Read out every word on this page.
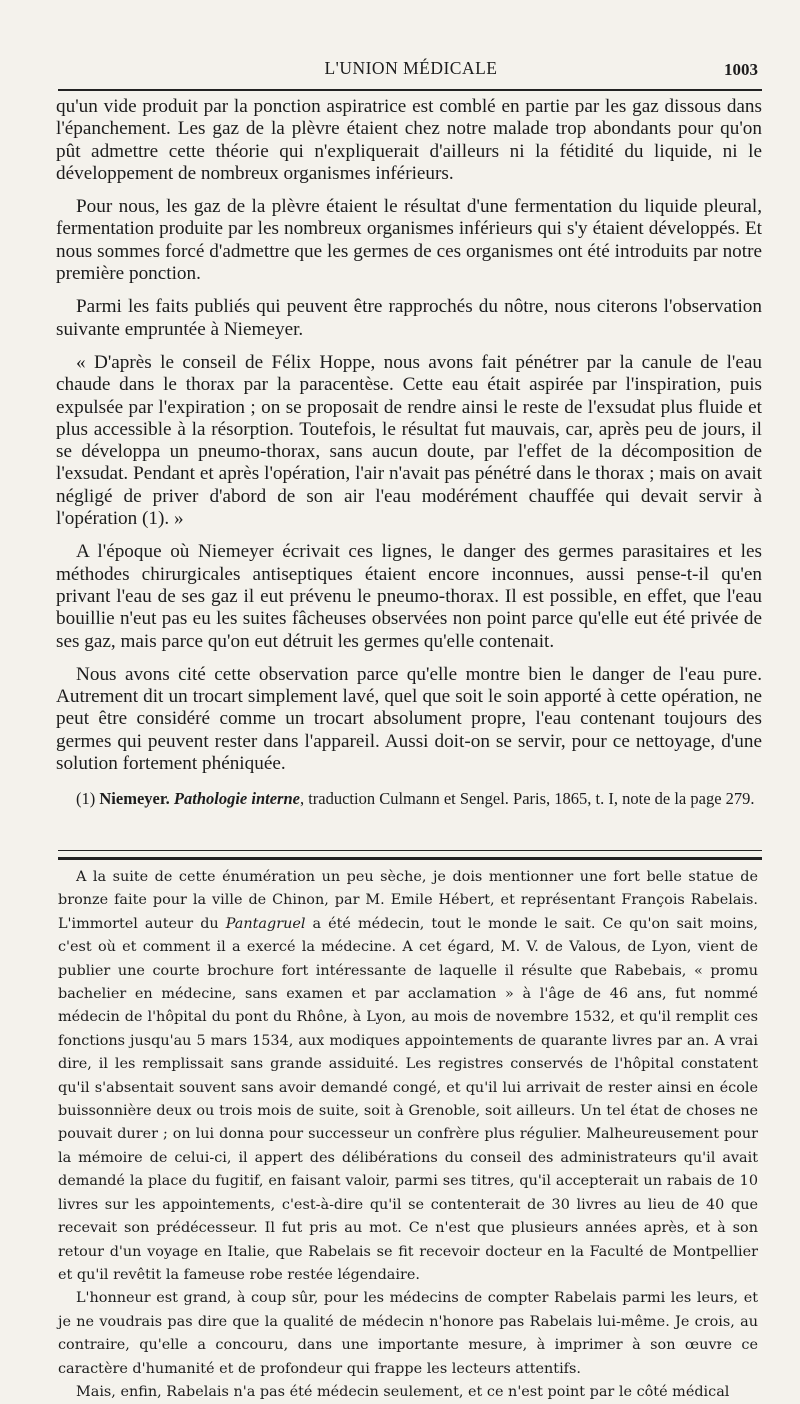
L'UNION MÉDICALE	1003

qu'un vide produit par la ponction aspiratrice est comblé en partie par les gaz dissous dans l'épanchement. Les gaz de la plèvre étaient chez notre malade trop abondants pour qu'on pût admettre cette théorie qui n'expliquerait d'ailleurs ni la fétidité du liquide, ni le développement de nombreux organismes inférieurs.

Pour nous, les gaz de la plèvre étaient le résultat d'une fermentation du liquide pleural, fermentation produite par les nombreux organismes inférieurs qui s'y étaient développés. Et nous sommes forcé d'admettre que les germes de ces organismes ont été introduits par notre première ponction.

Parmi les faits publiés qui peuvent être rapprochés du nôtre, nous citerons l'observation suivante empruntée à Niemeyer.

« D'après le conseil de Félix Hoppe, nous avons fait pénétrer par la canule de l'eau chaude dans le thorax par la paracentèse. Cette eau était aspirée par l'inspiration, puis expulsée par l'expiration ; on se proposait de rendre ainsi le reste de l'exsudat plus fluide et plus accessible à la résorption. Toutefois, le résultat fut mauvais, car, après peu de jours, il se développa un pneumo-thorax, sans aucun doute, par l'effet de la décomposition de l'exsudat. Pendant et après l'opération, l'air n'avait pas pénétré dans le thorax ; mais on avait négligé de priver d'abord de son air l'eau modérément chauffée qui devait servir à l'opération (1). »

A l'époque où Niemeyer écrivait ces lignes, le danger des germes parasitaires et les méthodes chirurgicales antiseptiques étaient encore inconnues, aussi pense-t-il qu'en privant l'eau de ses gaz il eut prévenu le pneumo-thorax. Il est possible, en effet, que l'eau bouillie n'eut pas eu les suites fâcheuses observées non point parce qu'elle eut été privée de ses gaz, mais parce qu'on eut détruit les germes qu'elle contenait.

Nous avons cité cette observation parce qu'elle montre bien le danger de l'eau pure. Autrement dit un trocart simplement lavé, quel que soit le soin apporté à cette opération, ne peut être considéré comme un trocart absolument propre, l'eau contenant toujours des germes qui peuvent rester dans l'appareil. Aussi doit-on se servir, pour ce nettoyage, d'une solution fortement phéniquée.

(1) Niemeyer. Pathologie interne, traduction Culmann et Sengel. Paris, 1865, t. I, note de la page 279.

A la suite de cette énumération un peu sèche, je dois mentionner une fort belle statue de bronze faite pour la ville de Chinon, par M. Emile Hébert, et représentant François Rabelais. L'immortel auteur du Pantagruel a été médecin, tout le monde le sait. Ce qu'on sait moins, c'est où et comment il a exercé la médecine. A cet égard, M. V. de Valous, de Lyon, vient de publier une courte brochure fort intéressante de laquelle il résulte que Rabebais, « promu bachelier en médecine, sans examen et par acclamation » à l'âge de 46 ans, fut nommé médecin de l'hôpital du pont du Rhône, à Lyon, au mois de novembre 1532, et qu'il remplit ces fonctions jusqu'au 5 mars 1534, aux modiques appointements de quarante livres par an. A vrai dire, il les remplissait sans grande assiduité. Les registres conservés de l'hôpital constatent qu'il s'absentait souvent sans avoir demandé congé, et qu'il lui arrivait de rester ainsi en école buissonnière deux ou trois mois de suite, soit à Grenoble, soit ailleurs. Un tel état de choses ne pouvait durer ; on lui donna pour successeur un confrère plus régulier. Malheureusement pour la mémoire de celui-ci, il appert des délibérations du conseil des administrateurs qu'il avait demandé la place du fugitif, en faisant valoir, parmi ses titres, qu'il accepterait un rabais de 10 livres sur les appointements, c'est-à-dire qu'il se contenterait de 30 livres au lieu de 40 que recevait son prédécesseur. Il fut pris au mot. Ce n'est que plusieurs années après, et à son retour d'un voyage en Italie, que Rabelais se fit recevoir docteur en la Faculté de Montpellier et qu'il revêtit la fameuse robe restée légendaire.

L'honneur est grand, à coup sûr, pour les médecins de compter Rabelais parmi les leurs, et je ne voudrais pas dire que la qualité de médecin n'honore pas Rabelais lui-même. Je crois, au contraire, qu'elle a concouru, dans une importante mesure, à imprimer à son œuvre ce caractère d'humanité et de profondeur qui frappe les lecteurs attentifs.

Mais, enfin, Rabelais n'a pas été médecin seulement, et ce n'est point par le côté médical
